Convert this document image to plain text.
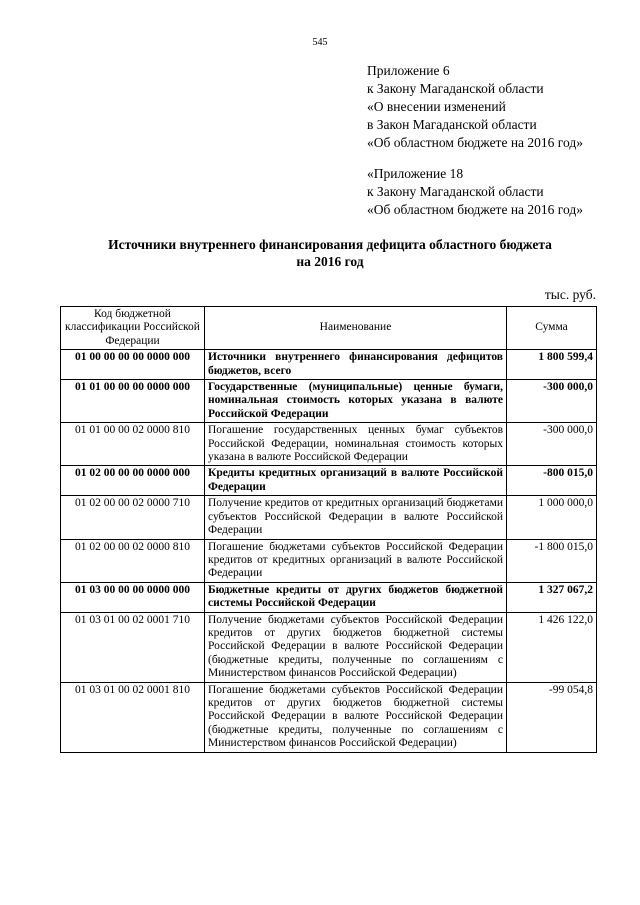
545
Приложение 6
к Закону Магаданской области
«О внесении изменений
в Закон Магаданской области
«Об областном бюджете на 2016 год»
«Приложение 18
к Закону Магаданской области
«Об областном бюджете на 2016 год»
Источники внутреннего финансирования дефицита областного бюджета
на 2016 год
тыс. руб.
Код бюджетной классификации Российской Федерации	Наименование	Сумма
01 00 00 00 00 0000 000	Источники внутреннего финансирования дефицитов бюджетов, всего	1 800 599,4
01 01 00 00 00 0000 000	Государственные (муниципальные) ценные бумаги, номинальная стоимость которых указана в валюте Российской Федерации	-300 000,0
01 01 00 00 02 0000 810	Погашение государственных ценных бумаг субъектов Российской Федерации, номинальная стоимость которых указана в валюте Российской Федерации	-300 000,0
01 02 00 00 00 0000 000	Кредиты кредитных организаций в валюте Российской Федерации	-800 015,0
01 02 00 00 02 0000 710	Получение кредитов от кредитных организаций бюджетами субъектов Российской Федерации в валюте Российской Федерации	1 000 000,0
01 02 00 00 02 0000 810	Погашение бюджетами субъектов Российской Федерации кредитов от кредитных организаций в валюте Российской Федерации	-1 800 015,0
01 03 00 00 00 0000 000	Бюджетные кредиты от других бюджетов бюджетной системы Российской Федерации	1 327 067,2
01 03 01 00 02 0001 710	Получение бюджетами субъектов Российской Федерации кредитов от других бюджетов бюджетной системы Российской Федерации в валюте Российской Федерации (бюджетные кредиты, полученные по соглашениям с Министерством финансов Российской Федерации)	1 426 122,0
01 03 01 00 02 0001 810	Погашение бюджетами субъектов Российской Федерации кредитов от других бюджетов бюджетной системы Российской Федерации в валюте Российской Федерации (бюджетные кредиты, полученные по соглашениям с Министерством финансов Российской Федерации)	-99 054,8
